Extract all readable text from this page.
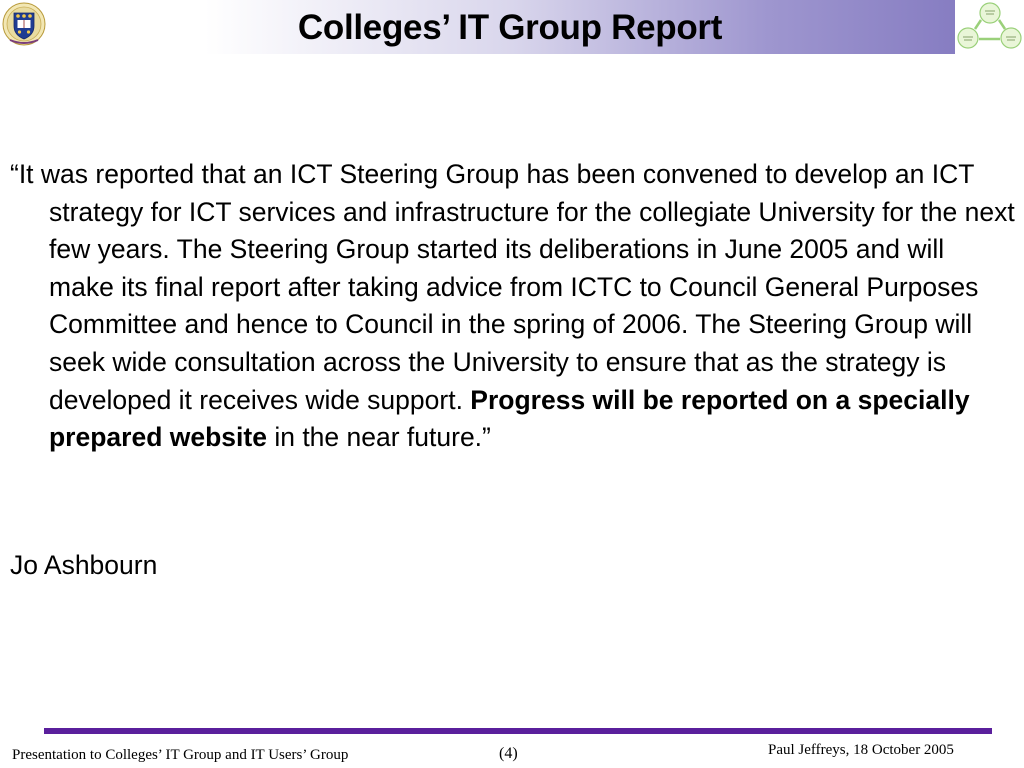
Colleges’ IT Group Report
“It was reported that an ICT Steering Group has been convened to develop an ICT strategy for ICT services and infrastructure for the collegiate University for the next few years. The Steering Group started its deliberations in June 2005 and will make its final report after taking advice from ICTC to Council General Purposes Committee and hence to Council in the spring of 2006. The Steering Group will seek wide consultation across the University to ensure that as the strategy is developed it receives wide support. Progress will be reported on a specially prepared website in the near future.”
Jo Ashbourn
Presentation to Colleges’ IT Group and IT Users’ Group	(4)	Paul Jeffreys, 18 October 2005
